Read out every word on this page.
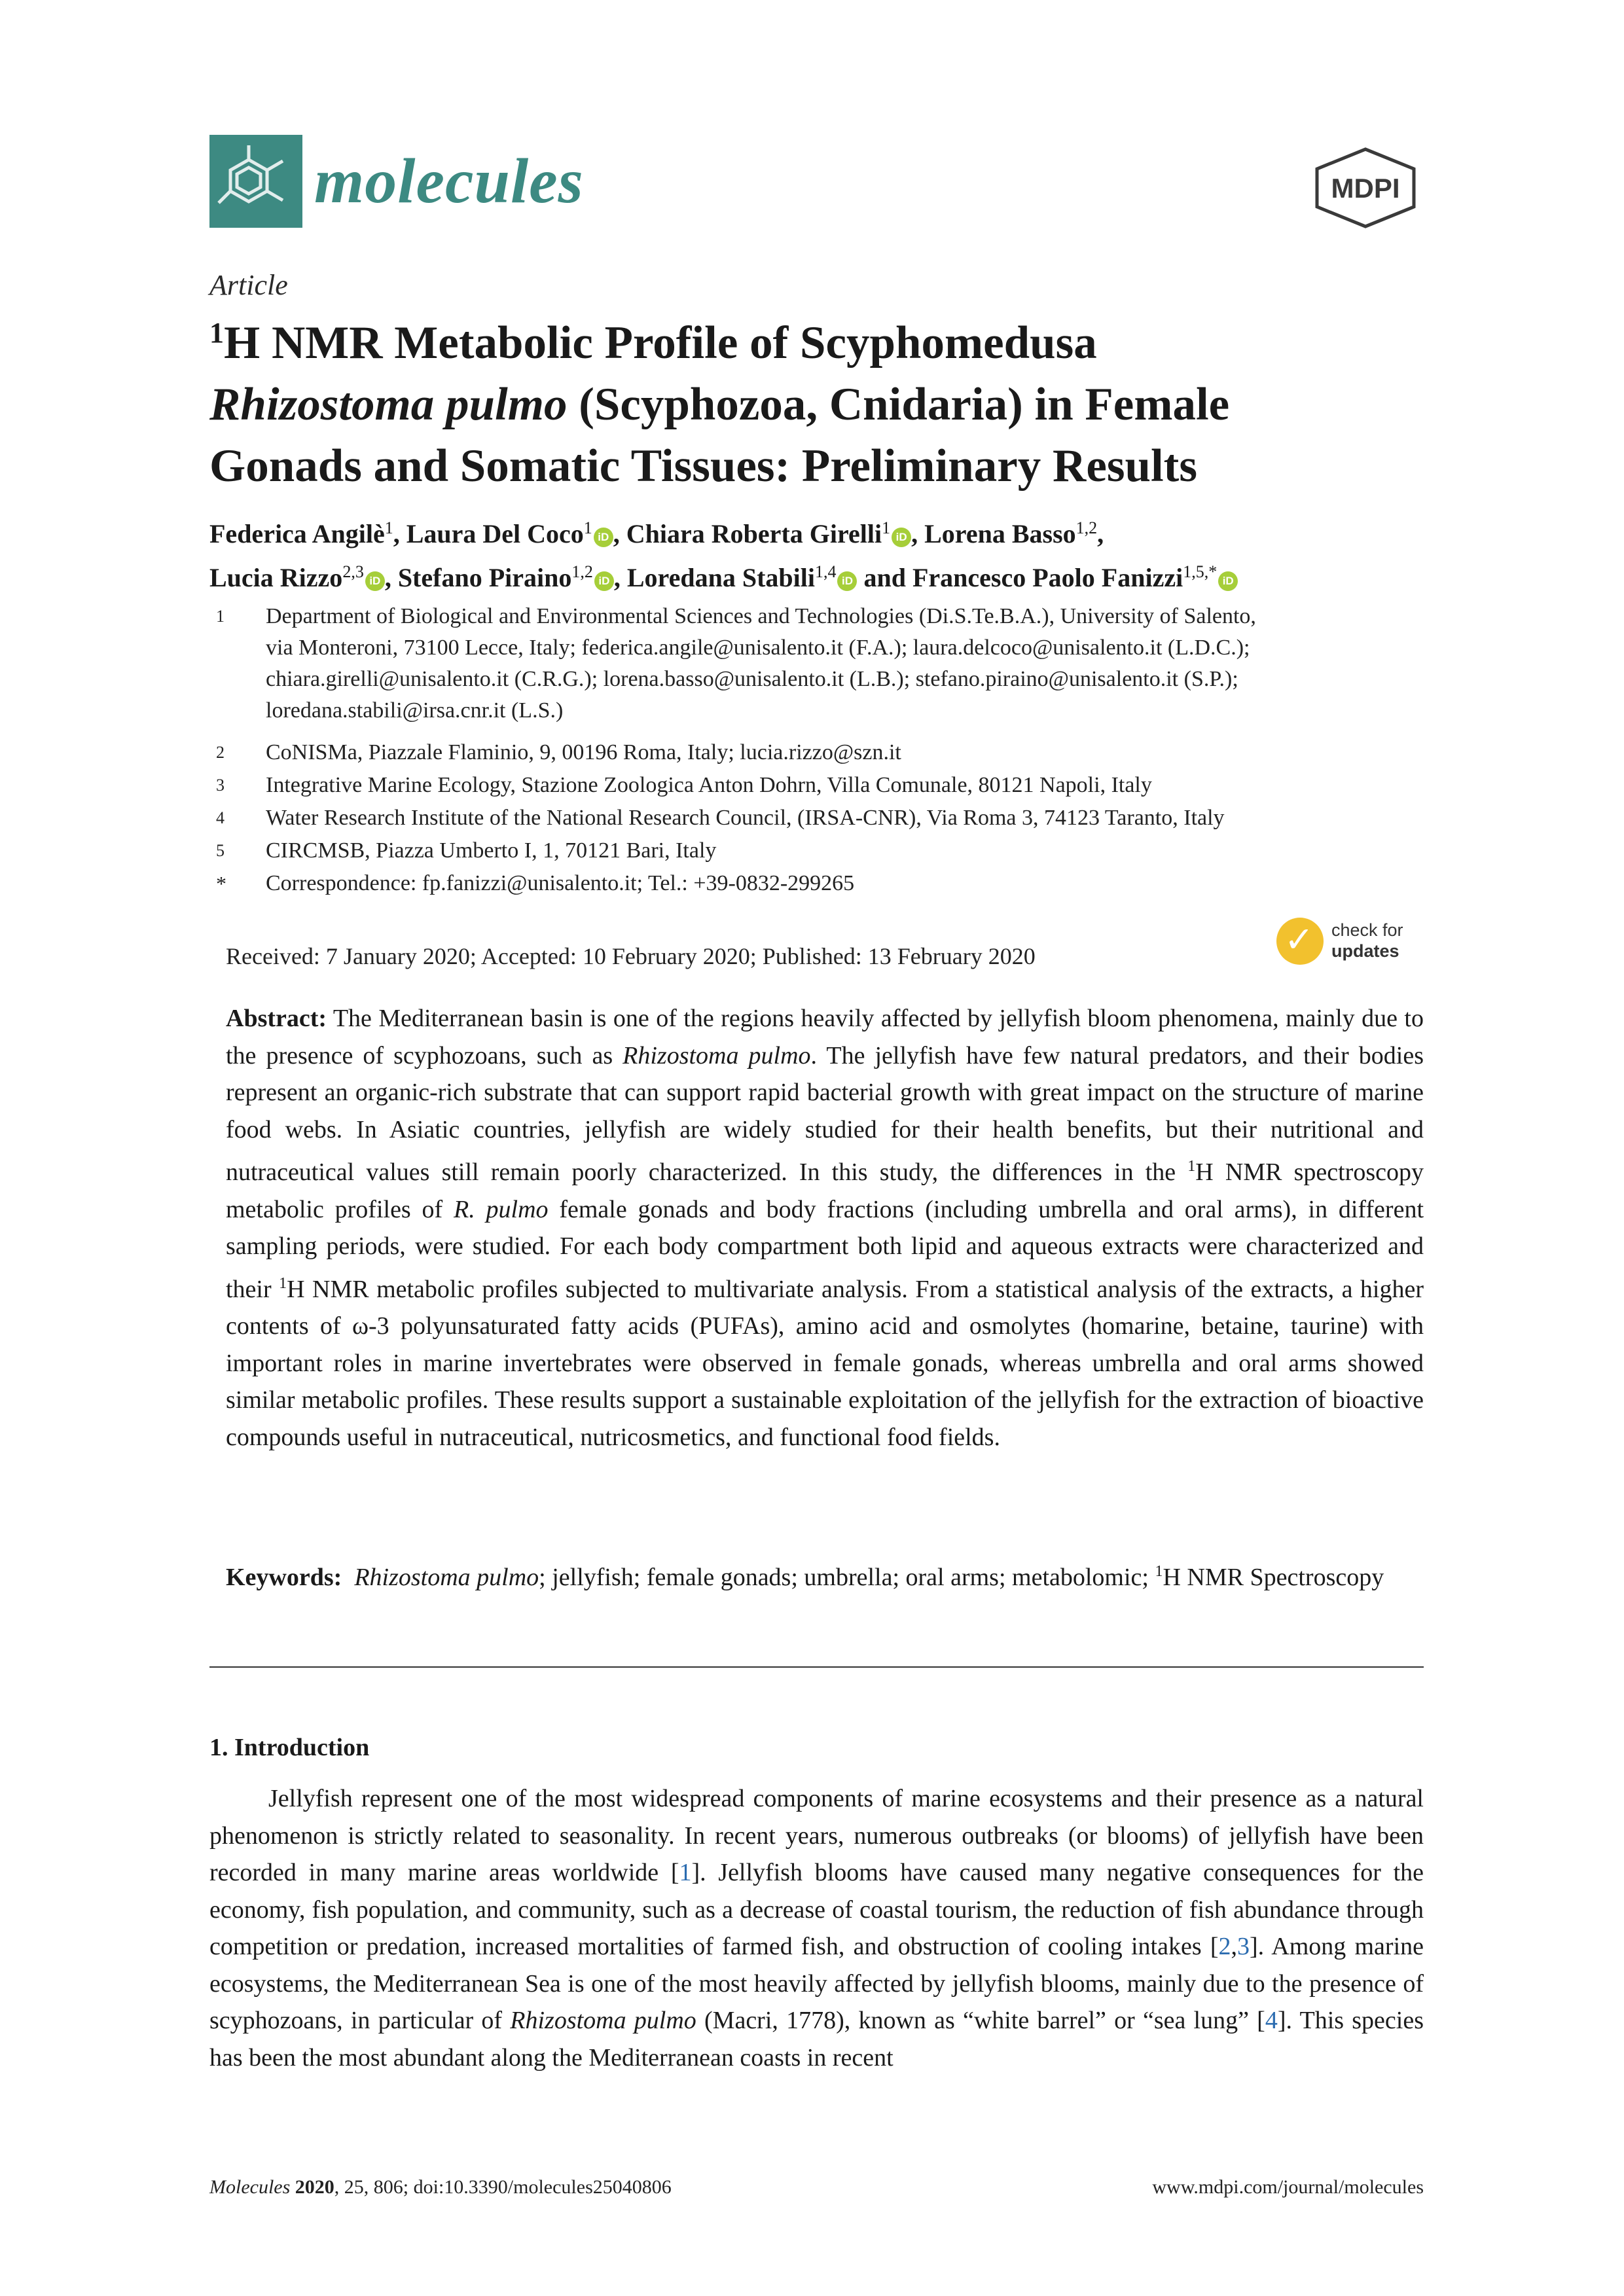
molecules	MDPI
Article
$^1$H NMR Metabolic Profile of Scyphomedusa
Rhizostoma pulmo (Scyphozoa, Cnidaria) in Female
Gonads and Somatic Tissues: Preliminary Results
Federica Angilè$^1$, Laura Del Coco$^1$ iD , Chiara Roberta Girelli$^1$ iD , Lorena Basso$^{1,2}$,
Lucia Rizzo$^{2,3}$ iD , Stefano Piraino$^{1,2}$ iD , Loredana Stabili$^{1,4}$ iD and Francesco Paolo Fanizzi$^{1,5,*}$ iD
1 Department of Biological and Environmental Sciences and Technologies (Di.S.Te.B.A.), University of Salento,
via Monteroni, 73100 Lecce, Italy; federica.angile@unisalento.it (F.A.); laura.delcoco@unisalento.it (L.D.C.);
chiara.girelli@unisalento.it (C.R.G.); lorena.basso@unisalento.it (L.B.); stefano.piraino@unisalento.it (S.P.);
loredana.stabili@irsa.cnr.it (L.S.)
2 CoNISMa, Piazzale Flaminio, 9, 00196 Roma, Italy; lucia.rizzo@szn.it
3 Integrative Marine Ecology, Stazione Zoologica Anton Dohrn, Villa Comunale, 80121 Napoli, Italy
4 Water Research Institute of the National Research Council, (IRSA-CNR), Via Roma 3, 74123 Taranto, Italy
5 CIRCMSB, Piazza Umberto I, 1, 70121 Bari, Italy
* Correspondence: fp.fanizzi@unisalento.it; Tel.: +39-0832-299265
Received: 7 January 2020; Accepted: 10 February 2020; Published: 13 February 2020	✓ check for
updates
Abstract: The Mediterranean basin is one of the regions heavily affected by jellyfish bloom phenomena, mainly due to the presence of scyphozoans, such as Rhizostoma pulmo. The jellyfish have few natural predators, and their bodies represent an organic-rich substrate that can support rapid bacterial growth with great impact on the structure of marine food webs. In Asiatic countries, jellyfish are widely studied for their health benefits, but their nutritional and nutraceutical values still remain poorly characterized. In this study, the differences in the $^1$H NMR spectroscopy metabolic profiles of R. pulmo female gonads and body fractions (including umbrella and oral arms), in different sampling periods, were studied. For each body compartment both lipid and aqueous extracts were characterized and their $^1$H NMR metabolic profiles subjected to multivariate analysis. From a statistical analysis of the extracts, a higher contents of ω-3 polyunsaturated fatty acids (PUFAs), amino acid and osmolytes (homarine, betaine, taurine) with important roles in marine invertebrates were observed in female gonads, whereas umbrella and oral arms showed similar metabolic profiles. These results support a sustainable exploitation of the jellyfish for the extraction of bioactive compounds useful in nutraceutical, nutricosmetics, and functional food fields.
Keywords: Rhizostoma pulmo; jellyfish; female gonads; umbrella; oral arms; metabolomic; $^1$H NMR Spectroscopy
1. Introduction
Jellyfish represent one of the most widespread components of marine ecosystems and their presence as a natural phenomenon is strictly related to seasonality. In recent years, numerous outbreaks (or blooms) of jellyfish have been recorded in many marine areas worldwide [1]. Jellyfish blooms have caused many negative consequences for the economy, fish population, and community, such as a decrease of coastal tourism, the reduction of fish abundance through competition or predation, increased mortalities of farmed fish, and obstruction of cooling intakes [2,3]. Among marine ecosystems, the Mediterranean Sea is one of the most heavily affected by jellyfish blooms, mainly due to the presence of scyphozoans, in particular of Rhizostoma pulmo (Macri, 1778), known as “white barrel” or “sea lung” [4]. This species has been the most abundant along the Mediterranean coasts in recent
Molecules 2020, 25, 806; doi:10.3390/molecules25040806	www.mdpi.com/journal/molecules
